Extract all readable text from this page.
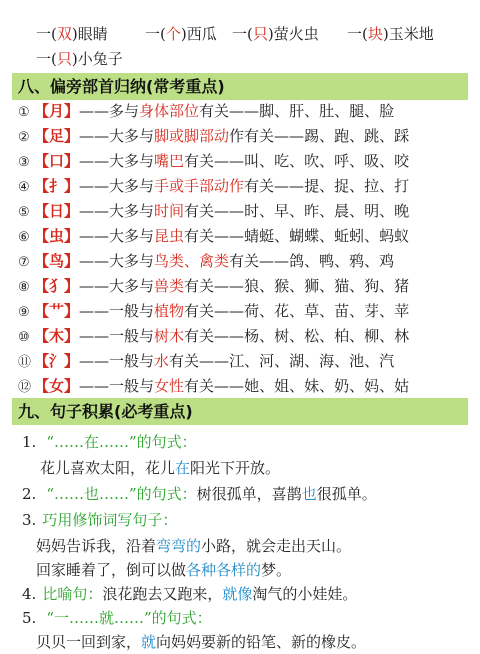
一(双)眼睛 一(个)西瓜 一(只)萤火虫 一(块)玉米地
一(只)小兔子
八、偏旁部首归纳(常考重点)
① 【月】——多与身体部位有关——脚、肝、肚、腿、脸
② 【足】——大多与脚或脚部动作有关——踢、跑、跳、踩
③ 【口】——大多与嘴巴有关——叫、吃、吹、呼、吸、咬
④ 【扌】——大多与手或手部动作有关——提、捉、拉、打
⑤ 【日】——大多与时间有关——时、早、昨、晨、明、晚
⑥ 【虫】——大多与昆虫有关——蜻蜓、蝴蝶、蚯蚓、蚂蚁
⑦ 【鸟】——大多与鸟类、禽类有关——鸽、鸭、鸦、鸡
⑧ 【犭】——大多与兽类有关——狼、猴、狮、猫、狗、猪
⑨ 【艹】——一般与植物有关——荷、花、草、苗、芽、苹
⑩ 【木】——一般与树木有关——杨、树、松、柏、柳、林
⑪ 【氵】——一般与水有关——江、河、湖、海、池、汽
⑫ 【女】——一般与女性有关——她、姐、妹、奶、妈、姑
九、句子积累(必考重点)
1. “……在……”的句式：
花儿喜欢太阳，花儿在阳光下开放。
2. “……也……”的句式：树很孤单，喜鹊也很孤单。
3. 巧用修饰词写句子：
妈妈告诉我，沿着弯弯的小路，就会走出天山。
回家睡着了，倒可以做各种各样的梦。
4. 比喻句：浪花跑去又跑来，就像淘气的小娃娃。
5. “一……就……”的句式：
贝贝一回到家，就向妈妈要新的铅笔、新的橡皮。
